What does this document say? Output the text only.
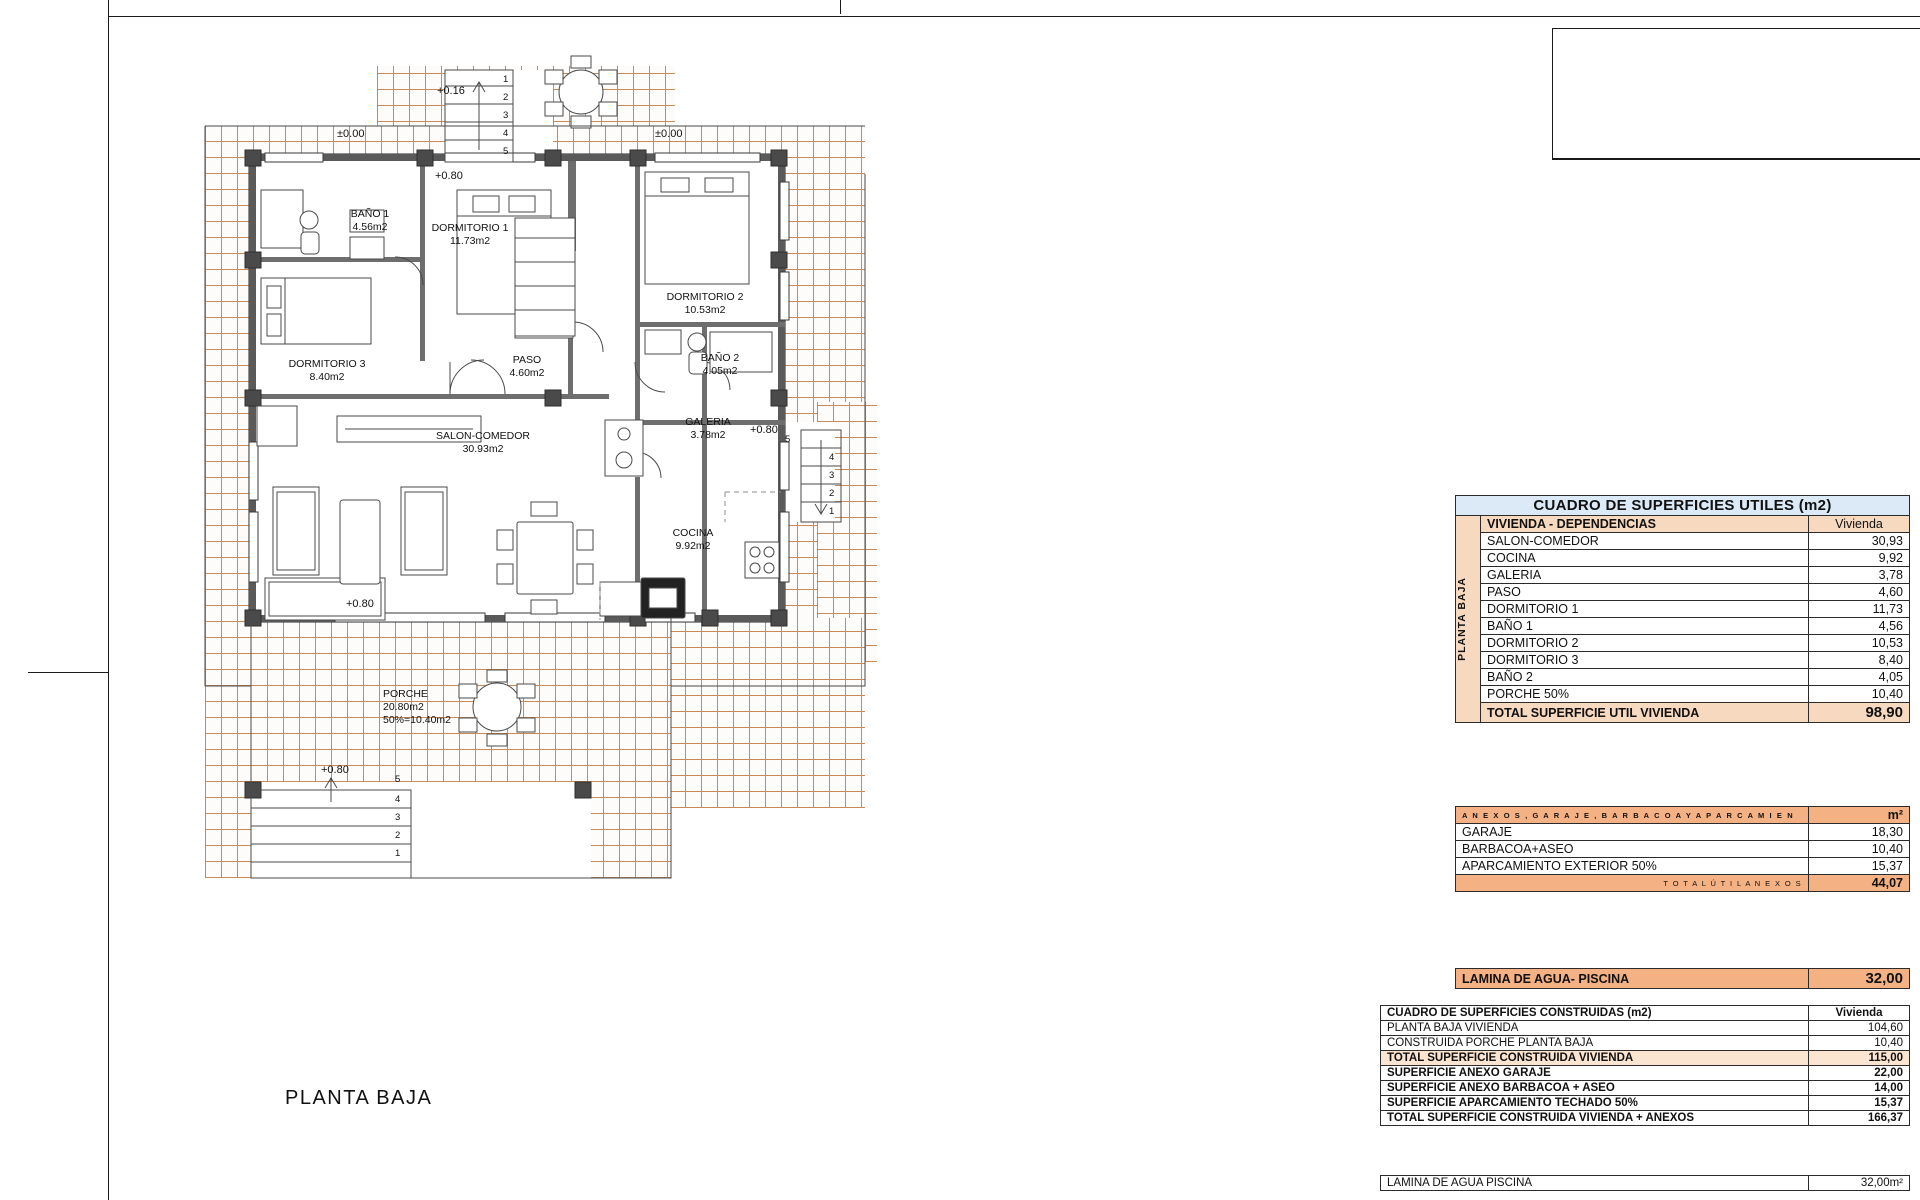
+0.16
±0.00	±0.00
+0.80
+0.80
+0.80
+0.80
1
2
3
4
5
5
4
3
2
1
5
4
3
2
1
BAÑO 1
4.56m2	DORMITORIO 1
11.73m2
DORMITORIO 2
10.53m2
DORMITORIO 3
8.40m2
PASO
4.60m2
BAÑO 2
4.05m2
GALERIA
3.78m2
SALON-COMEDOR
30.93m2
COCINA
9.92m2
PORCHE
20.80m2
50%=10.40m2
PLANTA BAJA
CUADRO DE SUPERFICIES UTILES (m2)		

PLANTA BAJA	VIVIENDA - DEPENDENCIAS	Vivienda
	SALON-COMEDOR	30,93
	COCINA	9,92
	GALERIA	3,78
	PASO	4,60
	DORMITORIO 1	11,73
	BAÑO 1	4,56
	DORMITORIO 2	10,53
	DORMITORIO 3	8,40
	BAÑO 2	4,05
	PORCHE 50%	10,40
	TOTAL SUPERFICIE UTIL VIVIENDA	98,90
A N E X O S , G A R A J E , B A R B A C O A Y A P A R C A M I E N	m²
GARAJE	18,30
BARBACOA+ASEO	10,40
APARCAMIENTO EXTERIOR 50%	15,37
T O T A L Ú T I L A N E X O S	44,07
LAMINA DE AGUA- PISCINA	32,00
CUADRO DE SUPERFICIES CONSTRUIDAS (m2)	Vivienda
PLANTA BAJA VIVIENDA	104,60
CONSTRUIDA PORCHE PLANTA BAJA	10,40
TOTAL SUPERFICIE CONSTRUIDA VIVIENDA	115,00
SUPERFICIE ANEXO GARAJE	22,00
SUPERFICIE ANEXO BARBACOA + ASEO	14,00
SUPERFICIE APARCAMIENTO TECHADO 50%	15,37
TOTAL SUPERFICIE CONSTRUIDA VIVIENDA + ANEXOS	166,37
LAMINA DE AGUA PISCINA	32,00m²
